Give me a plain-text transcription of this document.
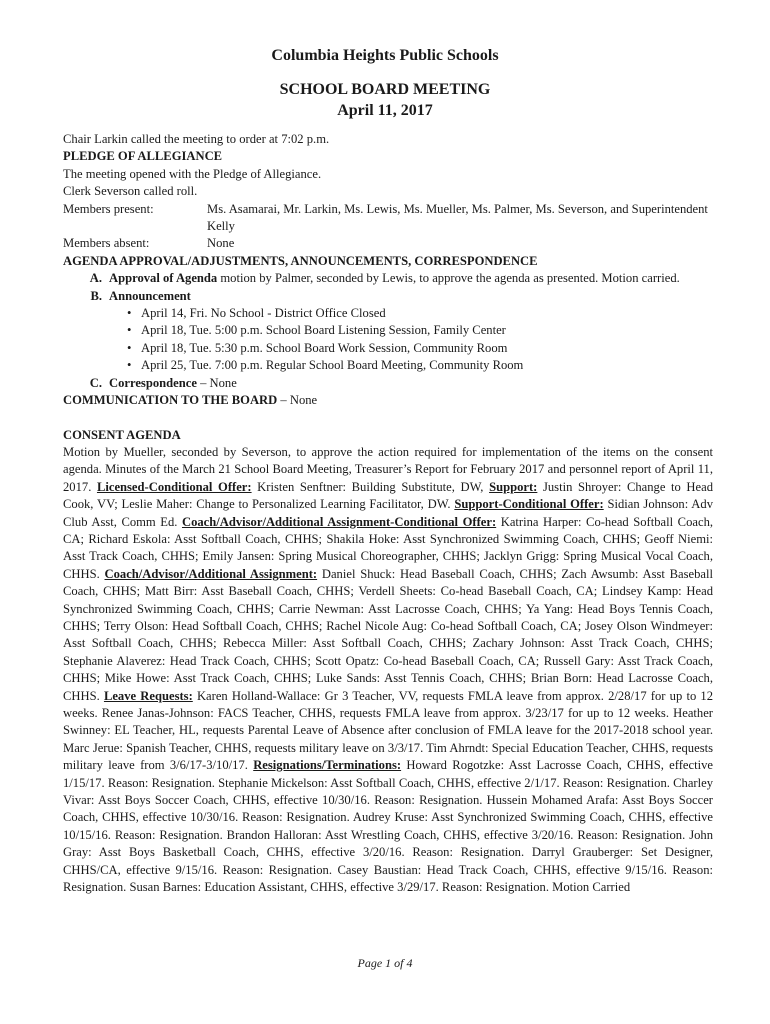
Columbia Heights Public Schools
SCHOOL BOARD MEETING
April 11, 2017
Chair Larkin called the meeting to order at 7:02 p.m.
PLEDGE OF ALLEGIANCE
The meeting opened with the Pledge of Allegiance.
Clerk Severson called roll.
Members present:	Ms. Asamarai, Mr. Larkin, Ms. Lewis, Ms. Mueller, Ms. Palmer, Ms. Severson, and Superintendent Kelly
Members absent:	None
AGENDA APPROVAL/ADJUSTMENTS, ANNOUNCEMENTS, CORRESPONDENCE
A. Approval of Agenda motion by Palmer, seconded by Lewis, to approve the agenda as presented. Motion carried.
B. Announcement
• April 14, Fri. No School - District Office Closed
• April 18, Tue. 5:00 p.m. School Board Listening Session, Family Center
• April 18, Tue. 5:30 p.m. School Board Work Session, Community Room
• April 25, Tue. 7:00 p.m. Regular School Board Meeting, Community Room
C. Correspondence – None
COMMUNICATION TO THE BOARD – None
CONSENT AGENDA
Motion by Mueller, seconded by Severson, to approve the action required for implementation of the items on the consent agenda. Minutes of the March 21 School Board Meeting, Treasurer’s Report for February 2017 and personnel report of April 11, 2017. Licensed-Conditional Offer: Kristen Senftner: Building Substitute, DW, Support: Justin Shroyer: Change to Head Cook, VV; Leslie Maher: Change to Personalized Learning Facilitator, DW. Support-Conditional Offer: Sidian Johnson: Adv Club Asst, Comm Ed. Coach/Advisor/Additional Assignment-Conditional Offer: Katrina Harper: Co-head Softball Coach, CA; Richard Eskola: Asst Softball Coach, CHHS; Shakila Hoke: Asst Synchronized Swimming Coach, CHHS; Geoff Niemi: Asst Track Coach, CHHS; Emily Jansen: Spring Musical Choreographer, CHHS; Jacklyn Grigg: Spring Musical Vocal Coach, CHHS. Coach/Advisor/Additional Assignment: Daniel Shuck: Head Baseball Coach, CHHS; Zach Awsumb: Asst Baseball Coach, CHHS; Matt Birr: Asst Baseball Coach, CHHS; Verdell Sheets: Co-head Baseball Coach, CA; Lindsey Kamp: Head Synchronized Swimming Coach, CHHS; Carrie Newman: Asst Lacrosse Coach, CHHS; Ya Yang: Head Boys Tennis Coach, CHHS; Terry Olson: Head Softball Coach, CHHS; Rachel Nicole Aug: Co-head Softball Coach, CA; Josey Olson Windmeyer: Asst Softball Coach, CHHS; Rebecca Miller: Asst Softball Coach, CHHS; Zachary Johnson: Asst Track Coach, CHHS; Stephanie Alaverez: Head Track Coach, CHHS; Scott Opatz: Co-head Baseball Coach, CA; Russell Gary: Asst Track Coach, CHHS; Mike Howe: Asst Track Coach, CHHS; Luke Sands: Asst Tennis Coach, CHHS; Brian Born: Head Lacrosse Coach, CHHS. Leave Requests: Karen Holland-Wallace: Gr 3 Teacher, VV, requests FMLA leave from approx. 2/28/17 for up to 12 weeks. Renee Janas-Johnson: FACS Teacher, CHHS, requests FMLA leave from approx. 3/23/17 for up to 12 weeks. Heather Swinney: EL Teacher, HL, requests Parental Leave of Absence after conclusion of FMLA leave for the 2017-2018 school year. Marc Jerue: Spanish Teacher, CHHS, requests military leave on 3/3/17. Tim Ahrndt: Special Education Teacher, CHHS, requests military leave from 3/6/17-3/10/17. Resignations/Terminations: Howard Rogotzke: Asst Lacrosse Coach, CHHS, effective 1/15/17. Reason: Resignation. Stephanie Mickelson: Asst Softball Coach, CHHS, effective 2/1/17. Reason: Resignation. Charley Vivar: Asst Boys Soccer Coach, CHHS, effective 10/30/16. Reason: Resignation. Hussein Mohamed Arafa: Asst Boys Soccer Coach, CHHS, effective 10/30/16. Reason: Resignation. Audrey Kruse: Asst Synchronized Swimming Coach, CHHS, effective 10/15/16. Reason: Resignation. Brandon Halloran: Asst Wrestling Coach, CHHS, effective 3/20/16. Reason: Resignation. John Gray: Asst Boys Basketball Coach, CHHS, effective 3/20/16. Reason: Resignation. Darryl Grauberger: Set Designer, CHHS/CA, effective 9/15/16. Reason: Resignation. Casey Baustian: Head Track Coach, CHHS, effective 9/15/16. Reason: Resignation. Susan Barnes: Education Assistant, CHHS, effective 3/29/17. Reason: Resignation. Motion Carried
Page 1 of 4
